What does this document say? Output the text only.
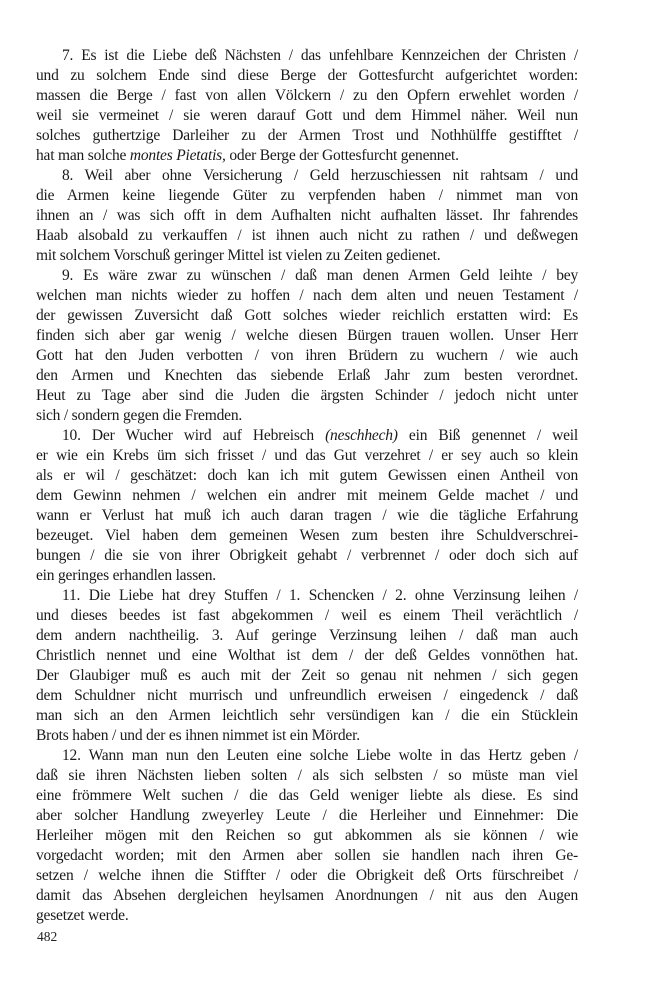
7. Es ist die Liebe deß Nächsten / das unfehlbare Kennzeichen der Christen /
und zu solchem Ende sind diese Berge der Gottesfurcht aufgerichtet worden:
massen die Berge / fast von allen Völckern / zu den Opfern erwehlet worden /
weil sie vermeinet / sie weren darauf Gott und dem Himmel näher. Weil nun
solches guthertzige Darleiher zu der Armen Trost und Nothhülffe gestifftet /
hat man solche montes Pietatis, oder Berge der Gottesfurcht genennet.
8. Weil aber ohne Versicherung / Geld herzuschiessen nit rahtsam / und
die Armen keine liegende Güter zu verpfenden haben / nimmet man von
ihnen an / was sich offt in dem Aufhalten nicht aufhalten lässet. Ihr fahrendes
Haab alsobald zu verkauffen / ist ihnen auch nicht zu rathen / und deßwegen
mit solchem Vorschuß geringer Mittel ist vielen zu Zeiten gedienet.
9. Es wäre zwar zu wünschen / daß man denen Armen Geld leihte / bey
welchen man nichts wieder zu hoffen / nach dem alten und neuen Testament /
der gewissen Zuversicht daß Gott solches wieder reichlich erstatten wird: Es
finden sich aber gar wenig / welche diesen Bürgen trauen wollen. Unser Herr
Gott hat den Juden verbotten / von ihren Brüdern zu wuchern / wie auch
den Armen und Knechten das siebende Erlaß Jahr zum besten verordnet.
Heut zu Tage aber sind die Juden die ärgsten Schinder / jedoch nicht unter
sich / sondern gegen die Fremden.
10. Der Wucher wird auf Hebreisch (neschhech) ein Biß genennet / weil
er wie ein Krebs üm sich frisset / und das Gut verzehret / er sey auch so klein
als er wil / geschätzet: doch kan ich mit gutem Gewissen einen Antheil von
dem Gewinn nehmen / welchen ein andrer mit meinem Gelde machet / und
wann er Verlust hat muß ich auch daran tragen / wie die tägliche Erfahrung
bezeuget. Viel haben dem gemeinen Wesen zum besten ihre Schuldverschrei-
bungen / die sie von ihrer Obrigkeit gehabt / verbrennet / oder doch sich auf
ein geringes erhandlen lassen.
11. Die Liebe hat drey Stuffen / 1. Schencken / 2. ohne Verzinsung leihen /
und dieses beedes ist fast abgekommen / weil es einem Theil verächtlich /
dem andern nachtheilig. 3. Auf geringe Verzinsung leihen / daß man auch
Christlich nennet und eine Wolthat ist dem / der deß Geldes vonnöthen hat.
Der Glaubiger muß es auch mit der Zeit so genau nit nehmen / sich gegen
dem Schuldner nicht murrisch und unfreundlich erweisen / eingedenck / daß
man sich an den Armen leichtlich sehr versündigen kan / die ein Stücklein
Brots haben / und der es ihnen nimmet ist ein Mörder.
12. Wann man nun den Leuten eine solche Liebe wolte in das Hertz geben /
daß sie ihren Nächsten lieben solten / als sich selbsten / so müste man viel
eine frömmere Welt suchen / die das Geld weniger liebte als diese. Es sind
aber solcher Handlung zweyerley Leute / die Herleiher und Einnehmer: Die
Herleiher mögen mit den Reichen so gut abkommen als sie können / wie
vorgedacht worden; mit den Armen aber sollen sie handlen nach ihren Ge-
setzen / welche ihnen die Stiffter / oder die Obrigkeit deß Orts fürschreibet /
damit das Absehen dergleichen heylsamen Anordnungen / nit aus den Augen
gesetzet werde.
482
